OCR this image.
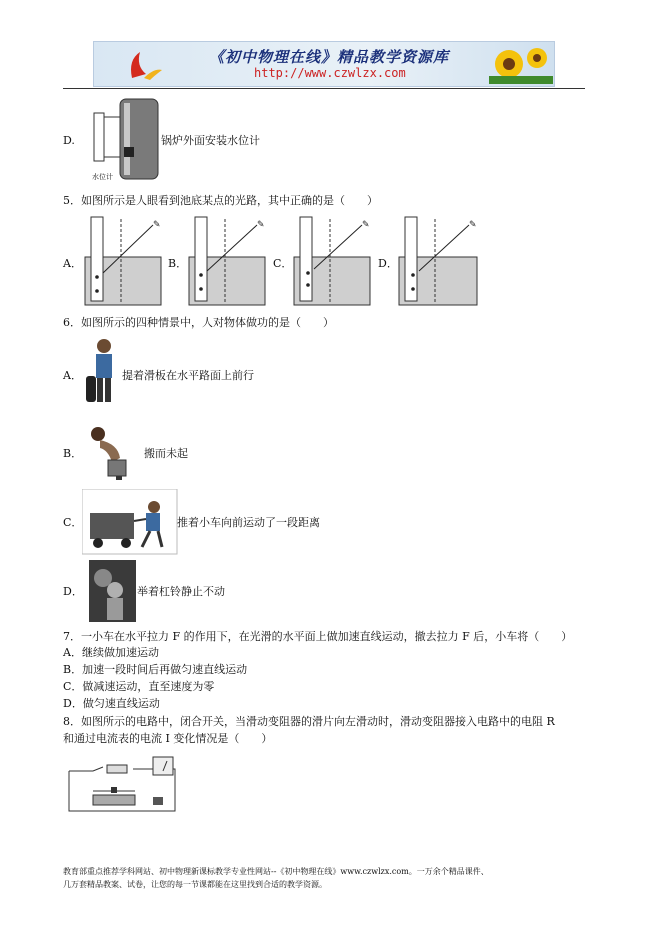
《初中物理在线》精品教学资源库
http://www.czwlzx.com
D.
水位计
锅炉外面安装水位计
5．如图所示是人眼看到池底某点的光路，其中正确的是（　　）
A．
✎
B．
✎
C．
✎
D．
✎
6．如图所示的四种情景中，人对物体做功的是（　　）
A．	提着滑板在水平路面上前行
B．	搬而未起
C．	推着小车向前运动了一段距离
D．	举着杠铃静止不动
7．一小车在水平拉力 F 的作用下，在光滑的水平面上做加速直线运动，撤去拉力 F 后，小车将（　　）
A．继续做加速运动
B．加速一段时间后再做匀速直线运动
C．做减速运动，直至速度为零
D．做匀速直线运动
8．如图所示的电路中，闭合开关，当滑动变阻器的滑片向左滑动时，滑动变阻器接入电路中的电阻 R
和通过电流表的电流 I 变化情况是（　　）
教育部重点推荐学科网站、初中物理新课标教学专业性网站--《初中物理在线》www.czwlzx.com。一万余个精品课件、
几万套精品教案、试卷，让您的每一节课都能在这里找到合适的教学资源。
